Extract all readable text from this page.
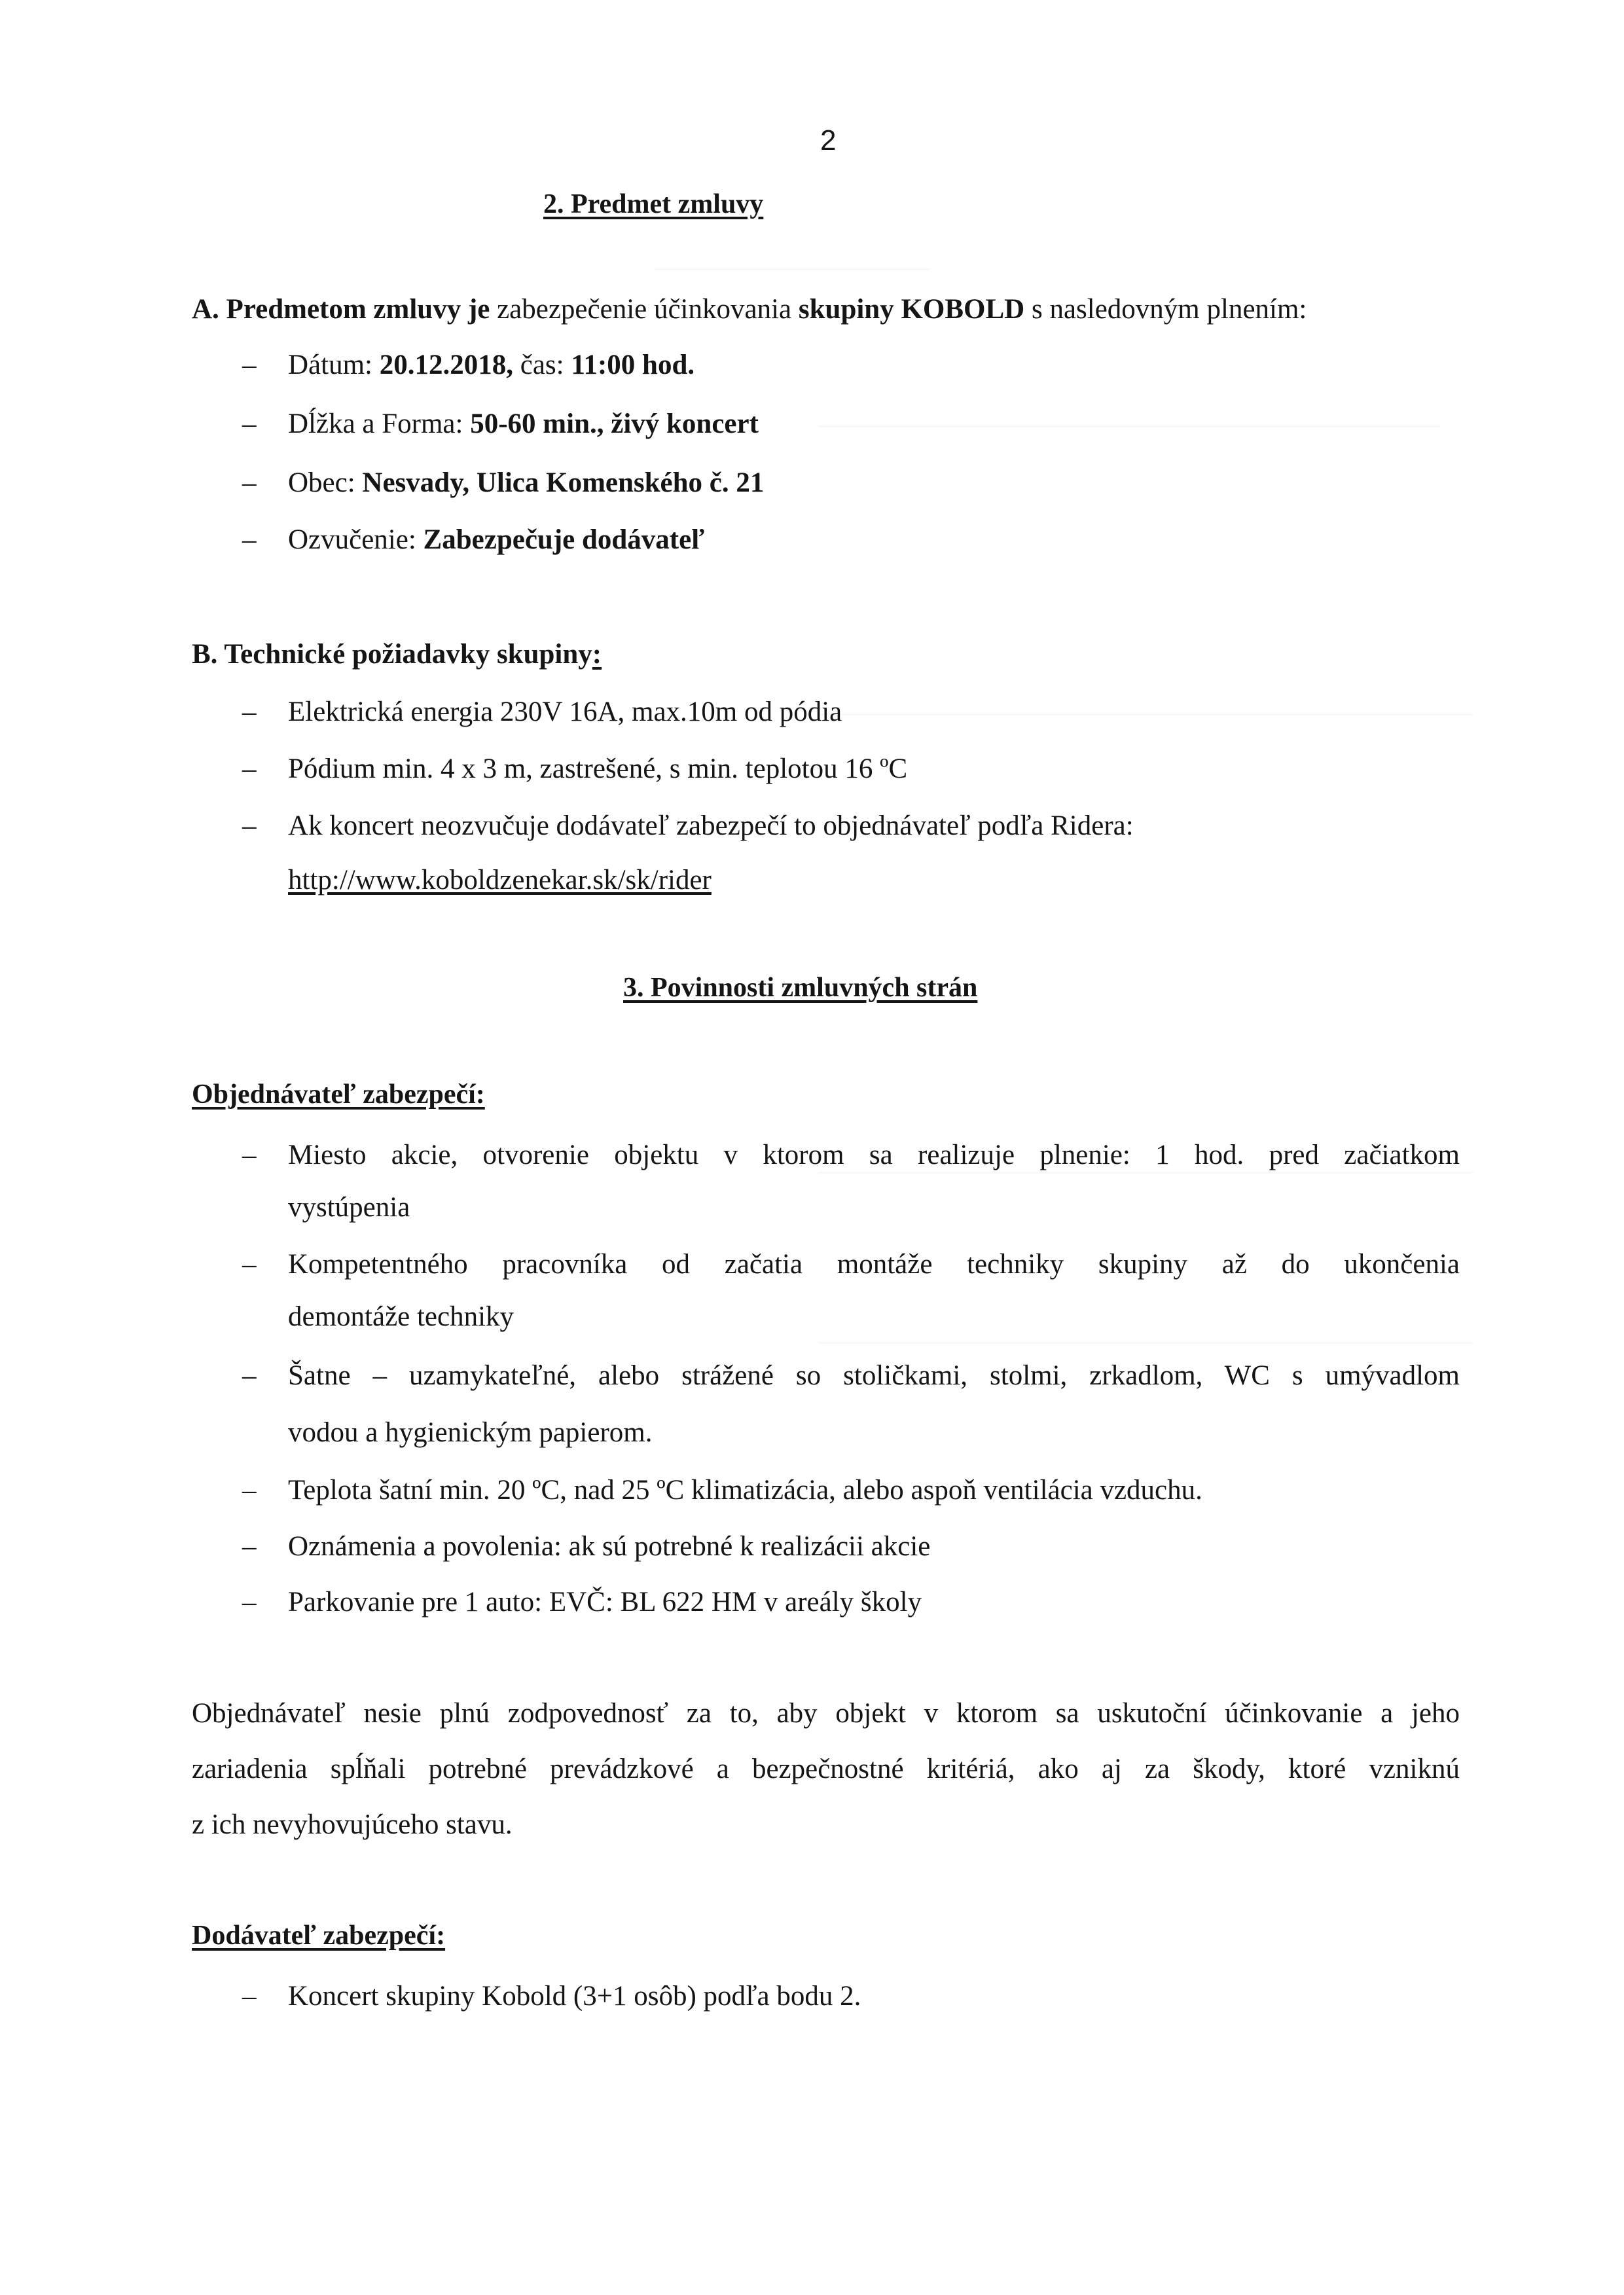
2
2. Predmet zmluvy
A. Predmetom zmluvy je zabezpečenie účinkovania skupiny KOBOLD s nasledovným plnením:
– Dátum: 20.12.2018, čas: 11:00 hod.
– Dĺžka a Forma: 50-60 min., živý koncert
– Obec: Nesvady, Ulica Komenského č. 21
– Ozvučenie: Zabezpečuje dodávateľ
B. Technické požiadavky skupiny:
– Elektrická energia 230V 16A, max.10m od pódia
– Pódium min. 4 x 3 m, zastrešené, s min. teplotou 16 ºC
– Ak koncert neozvučuje dodávateľ zabezpečí to objednávateľ podľa Ridera:
http://www.koboldzenekar.sk/sk/rider
3. Povinnosti zmluvných strán
Objednávateľ zabezpečí:
– Miesto akcie, otvorenie objektu v ktorom sa realizuje plnenie: 1 hod. pred začiatkom
vystúpenia
– Kompetentného pracovníka od začatia montáže techniky skupiny až do ukončenia
demontáže techniky
– Šatne – uzamykateľné, alebo strážené so stoličkami, stolmi, zrkadlom, WC s umývadlom
vodou a hygienickým papierom.
– Teplota šatní min. 20 ºC, nad 25 ºC klimatizácia, alebo aspoň ventilácia vzduchu.
– Oznámenia a povolenia: ak sú potrebné k realizácii akcie
– Parkovanie pre 1 auto: EVČ: BL 622 HM v areály školy
Objednávateľ nesie plnú zodpovednosť za to, aby objekt v ktorom sa uskutoční účinkovanie a jeho
zariadenia spĺňali potrebné prevádzkové a bezpečnostné kritériá, ako aj za škody, ktoré vzniknú
z ich nevyhovujúceho stavu.
Dodávateľ zabezpečí:
– Koncert skupiny Kobold (3+1 osôb) podľa bodu 2.
